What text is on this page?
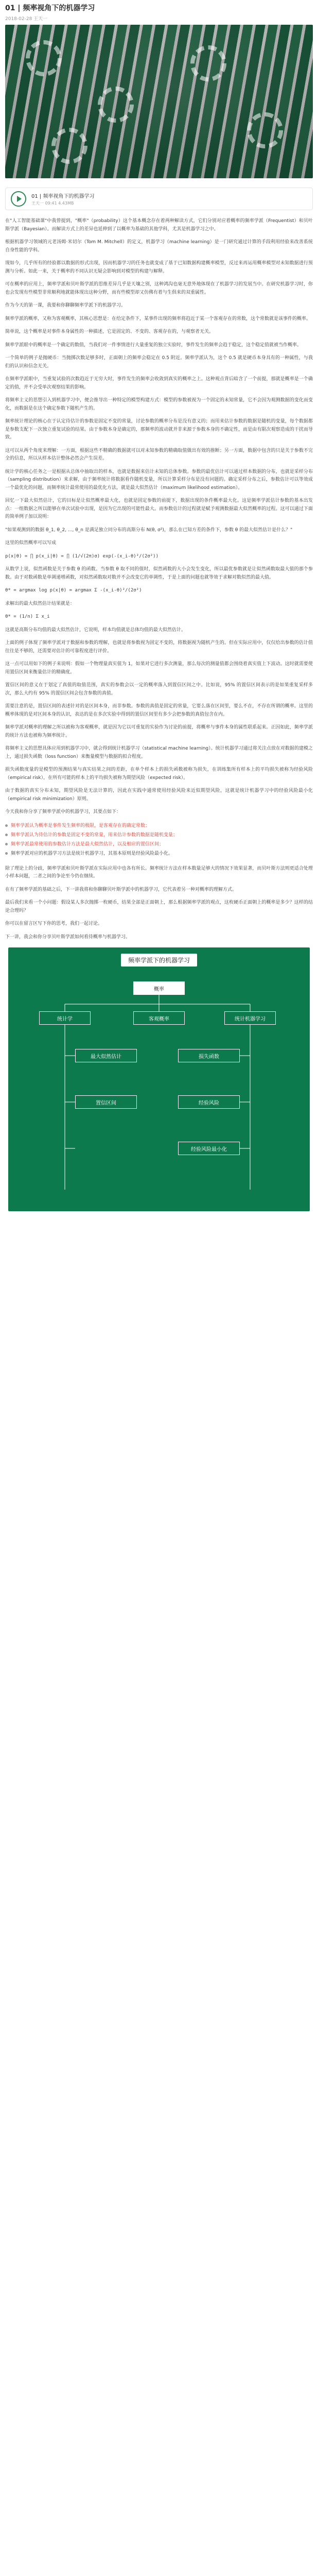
01 | 频率视角下的机器学习
2018-02-28 王天一
01 | 频率视角下的机器学习
王天一 09:41 4.43MB

在"人工智能基础课"中我曾提到，"概率"（probability）这个基本概念存在着两种解读方式，它们分别对应着概率的频率学派（Frequentist）和贝叶斯学派（Bayesian）。而解读方式上的差异也延伸到了以概率为基础的其他学科，尤其是机器学习之中。

根据机器学习领域的元老汤姆·米切尔（Tom M. Mitchell）的定义，机器学习（machine learning）是一门研究通过计算的手段利用经验来改善系统自身性能的学科。

现如今，几乎所有的经验都以数据的形式出现，因而机器学习的任务也就变成了基于已知数据构建概率模型，反过来再运用概率模型对未知数据进行预测与分析。如此一来，关于概率的不同认识无疑会影响到对模型的构建与解释。

可在概率的应用上，频率学派和贝叶斯学派的思维差异几乎是天壤之别，这种鸿沟也毫无意外地体现在了机器学习的发展当中。在研究机器学习时，你也会发现有些模型非常顺利地就能体现出这种分野，而有些模型却又仿佛有着与生俱来的双重属性。

作为今天的第一课，我要和你聊聊频率学派下的机器学习。

频率学派的概率，又称为客观概率，其核心思想是：在给定条件下，某事件出现的频率将趋近于某一个客观存在的常数，这个常数就是该事件的概率。

简单说，这个概率是对事件本身属性的一种描述，它是固定的、不变的、客观存在的，与观察者无关。

频率学派眼中的概率是一个确定的数值，当我们对一件事情进行大量重复的独立实验时，事件发生的频率会趋于稳定，这个稳定值就被当作概率。

一个简单的例子是抛硬币：当抛掷次数足够多时，正面朝上的频率会稳定在 0.5 附近。频率学派认为，这个 0.5 就是硬币本身具有的一种属性，与我们的认识和信念无关。

在频率学派眼中，当重复试验的次数趋近于无穷大时，事件发生的频率会收敛到真实的概率之上。这种观点背后暗含了一个前提，那就是概率是一个确定的值，并不会受单次观察结果的影响。

将频率主义的思想引入到机器学习中，便会推导出一种特定的模型构建方式：模型的参数被视为一个固定的未知常量，它不会因为观测数据的变化而变化，而数据是在这个确定参数下随机产生的。

频率统计理论的核心在于认定待估计的参数是固定不变的常量，讨论参数的概率分布是没有意义的；而用来估计参数的数据是随机的变量，每个数据都是参数支配下一次独立重复试验的结果。由于参数本身是确定的，那频率的波动就并非来源于参数本身的不确定性，而是由有限次观察造成的干扰而导致。

这可以从两个角度来理解：一方面，根据这些不精确的数据就可以对未知参数的精确取值做出有效的推断；另一方面，数据中包含的只是关于参数不完全的信息，所以从样本估计整体必然会产生误差。

统计学的核心任务之一是根据从总体中抽取出的样本，也就是数据来估计未知的总体参数。参数的最优估计可以通过样本数据的分布，也就是采样分布（sampling distribution）来求解，由于频率统计将数据看作随机变量，所以计算采样分布是没有问题的。确定采样分布之后，参数估计可以等效成一个最优化的问题，而频率统计最常使用的最优化方法，就是最大似然估计（maximum likelihood estimation）。

回忆一下最大似然估计，它的目标是让似然概率最大化，也就是固定参数的前提下，数据出现的条件概率最大化。这是频率学派估计参数的基本出发点：一组数据之所以能够在单次试验中出现，是因为它出现的可能性最大。而参数估计的过程就是赋予观测数据最大似然概率的过程。这可以通过下面的简单例子加以说明：

"如果观测到的数据 θ_1, θ_2, ..., θ_n 是满足独立同分布的高斯分布 N(θ, σ²)，那么在已知方差的条件下，参数 θ 的最大似然估计是什么？"

这里的似然概率可以写成

p(x|θ) = ∏ p(x_i|θ) = ∏ (1/√(2π)σ) exp(-(x_i-θ)²/(2σ²))

从数学上说，似然函数是关于参数 θ 的函数。当参数 θ 取不同的值时，似然函数的大小会发生变化，所以最优参数就是让似然函数取最大值的那个参数。由于对数函数是单调递增函数，对似然函数取对数并不会改变它的单调性，于是上面的问题也就等效于求解对数似然的最大值。

θ* = argmax log p(x|θ) = argmax Σ -(x_i-θ)²/(2σ²)

求解出的最大似然估计结果就是：

θ* = (1/n) Σ x_i

这就是高斯分布均值的最大似然估计，它说明，样本均值就是总体均值的最大似然估计。

上面的例子体现了频率学派对于数据和参数的理解，也就是将参数视为固定不变的，将数据视为随机产生的。但在实际应用中，仅仅给出参数的估计值往往是不够的，还需要对估计的可靠程度进行评价。

这一点可以用如下的例子来说明：假如一个物理量真实值为 1，如果对它进行多次测量，那么每次的测量值都会围绕着真实值上下波动。这时就需要使用置信区间来衡量估计的精确度。

置信区间的意义在于划定了真值的取值范围，真实的参数会以一定的概率落入到置信区间之中。比如说，95% 的置信区间表示的是如果重复采样多次，那么大约有 95% 的置信区间会包含参数的真值。

需要注意的是，置信区间的表述针对的是区间本身，而非参数。参数的真值是固定的常量，它要么落在区间里，要么不在，不存在所谓的概率。这里的概率体现的是对区间本身的认识，表达的是在多次实验中得到的置信区间里有多少会把参数的真值包含在内。

频率学派对概率的理解之所以被称为客观概率，就是因为它以可重复的实验作为讨论的前提，将概率与事件本身的属性联系起来。正因如此，频率学派的统计方法也被称为频率统计。

将频率主义的思想具体应用到机器学习中，就会得到统计机器学习（statistical machine learning）。统计机器学习通过将关注点放在对数据的建模之上，通过损失函数（loss function）来衡量模型与数据的拟合程度。

损失函数度量的是模型的预测结果与真实结果之间的差距，在单个样本上的损失函数被称为损失，在训练集所有样本上的平均损失被称为经验风险（empirical risk），在所有可能的样本上的平均损失被称为期望风险（expected risk）。

由于数据的真实分布未知，期望风险是无法计算的，因此在实践中通常使用经验风险来近似期望风险，这就是统计机器学习中的经验风险最小化（empirical risk minimization）原则。

今天我和你分享了频率学派中的机器学习，其要点如下：

频率学派认为概率是事件发生频率的极限，是客观存在的确定常数；
频率学派认为待估计的参数是固定不变的常量，用来估计参数的数据是随机变量；
频率学派最常使用的参数估计方法是最大似然估计，以及相应的置信区间；
频率学派对应的机器学习方法是统计机器学习，其基本原则是经验风险最小化。

除了理论上的分歧，频率学派和贝叶斯学派在实际应用中也各有所长。频率统计方法在样本数量足够大的情况下效果显著，而贝叶斯方法则更适合处理小样本问题，二者之间的争论至今仍在继续。

在有了频率学派的基础之后，下一讲我将和你聊聊贝叶斯学派中的机器学习，它代表着另一种对概率的理解方式。

最后我们来看一个小问题：假设某人多次抛掷一枚硬币，结果全部是正面朝上，那么根据频率学派的观点，这枚硬币正面朝上的概率是多少？这样的结论合理吗？

你可以在留言区写下你的思考，我们一起讨论。

下一讲，我会和你分享贝叶斯学派如何看待概率与机器学习。

频率学派下的机器学习
概率
统计学	客观概率	统计机器学习
最大似然估计
置信区间
损失函数
经验风险
经验风险最小化
